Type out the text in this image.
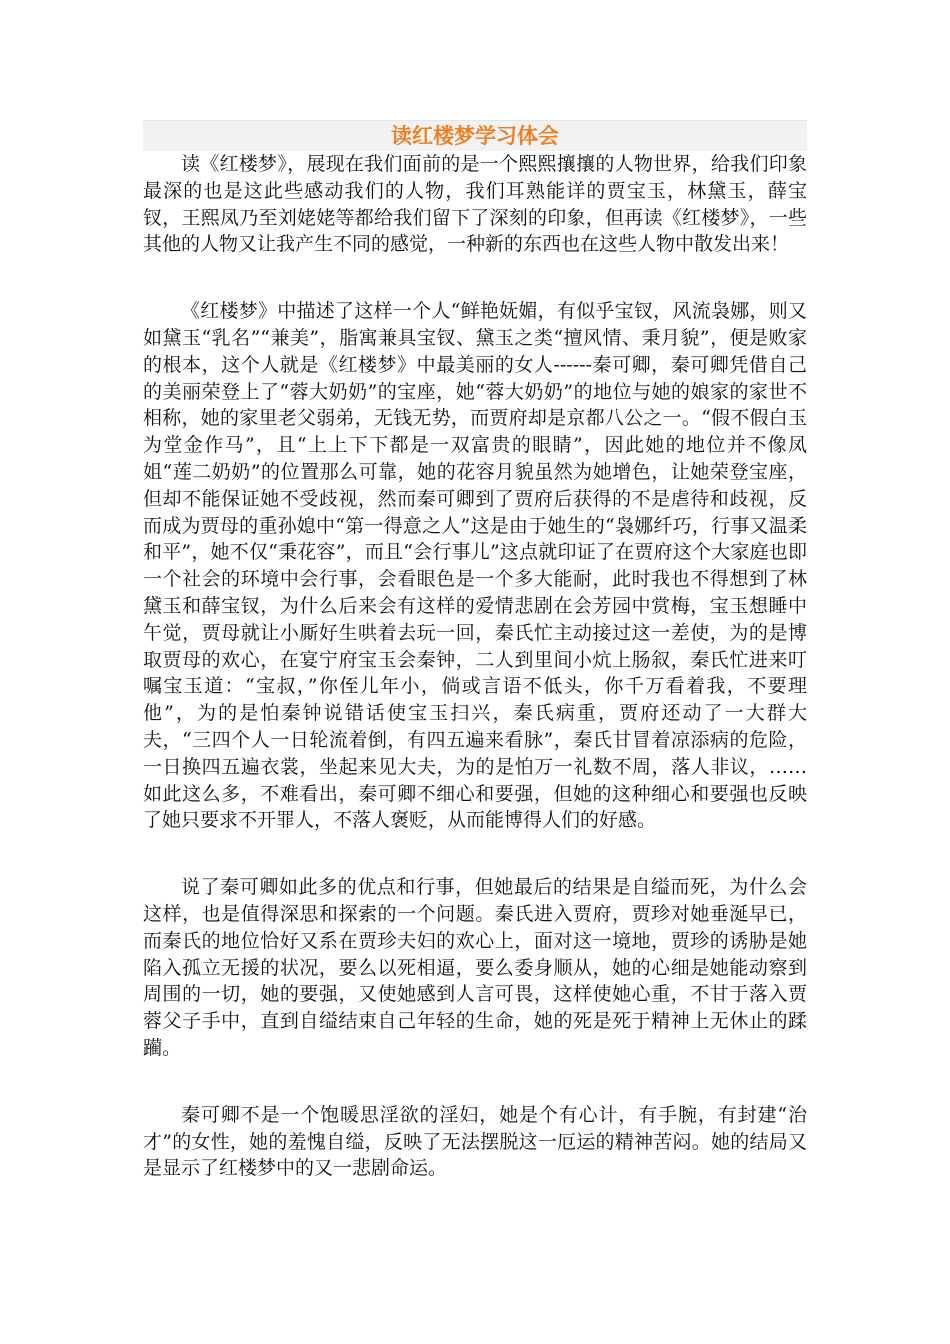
读红楼梦学习体会

读《红楼梦》，展现在我们面前的是一个熙熙攘攘的人物世界，给我们印象最深的也是这此些感动我们的人物，我们耳熟能详的贾宝玉，林黛玉，薛宝钗，王熙凤乃至刘姥姥等都给我们留下了深刻的印象，但再读《红楼梦》，一些其他的人物又让我产生不同的感觉，一种新的东西也在这些人物中散发出来！

《红楼梦》中描述了这样一个人“鲜艳妩媚，有似乎宝钗，风流袅娜，则又如黛玉“乳名”“兼美”，脂寓兼具宝钗、黛玉之类“擅风情、秉月貌”，便是败家的根本，这个人就是《红楼梦》中最美丽的女人------秦可卿，秦可卿凭借自己的美丽荣登上了“蓉大奶奶”的宝座，她“蓉大奶奶”的地位与她的娘家的家世不相称，她的家里老父弱弟，无钱无势，而贾府却是京都八公之一。“假不假白玉为堂金作马”，且“上上下下都是一双富贵的眼睛”，因此她的地位并不像凤姐“莲二奶奶”的位置那么可靠，她的花容月貌虽然为她增色，让她荣登宝座，但却不能保证她不受歧视，然而秦可卿到了贾府后获得的不是虐待和歧视，反而成为贾母的重孙媳中“第一得意之人”这是由于她生的“袅娜纤巧，行事又温柔和平”，她不仅“秉花容”，而且“会行事儿”这点就印证了在贾府这个大家庭也即一个社会的环境中会行事，会看眼色是一个多大能耐，此时我也不得想到了林黛玉和薛宝钗，为什么后来会有这样的爱情悲剧在会芳园中赏梅，宝玉想睡中午觉，贾母就让小厮好生哄着去玩一回，秦氏忙主动接过这一差使，为的是博取贾母的欢心，在宴宁府宝玉会秦钟，二人到里间小炕上肠叙，秦氏忙进来叮嘱宝玉道：“宝叔，”你侄儿年小，倘或言语不低头，你千万看着我，不要理他”，为的是怕秦钟说错话使宝玉扫兴，秦氏病重，贾府还动了一大群大夫，“三四个人一日轮流着倒，有四五遍来看脉”，秦氏甘冒着凉添病的危险，一日换四五遍衣裳，坐起来见大夫，为的是怕万一礼数不周，落人非议，……如此这么多，不难看出，秦可卿不细心和要强，但她的这种细心和要强也反映了她只要求不开罪人，不落人褒贬，从而能博得人们的好感。

说了秦可卿如此多的优点和行事，但她最后的结果是自缢而死，为什么会这样，也是值得深思和探索的一个问题。秦氏进入贾府，贾珍对她垂涎早已，而秦氏的地位恰好又系在贾珍夫妇的欢心上，面对这一境地，贾珍的诱胁是她陷入孤立无援的状况，要么以死相逼，要么委身顺从，她的心细是她能动察到周围的一切，她的要强，又使她感到人言可畏，这样使她心重，不甘于落入贾蓉父子手中，直到自缢结束自己年轻的生命，她的死是死于精神上无休止的蹂躏。

秦可卿不是一个饱暖思淫欲的淫妇，她是个有心计，有手腕，有封建“治才”的女性，她的羞愧自缢，反映了无法摆脱这一厄运的精神苦闷。她的结局又是显示了红楼梦中的又一悲剧命运。
